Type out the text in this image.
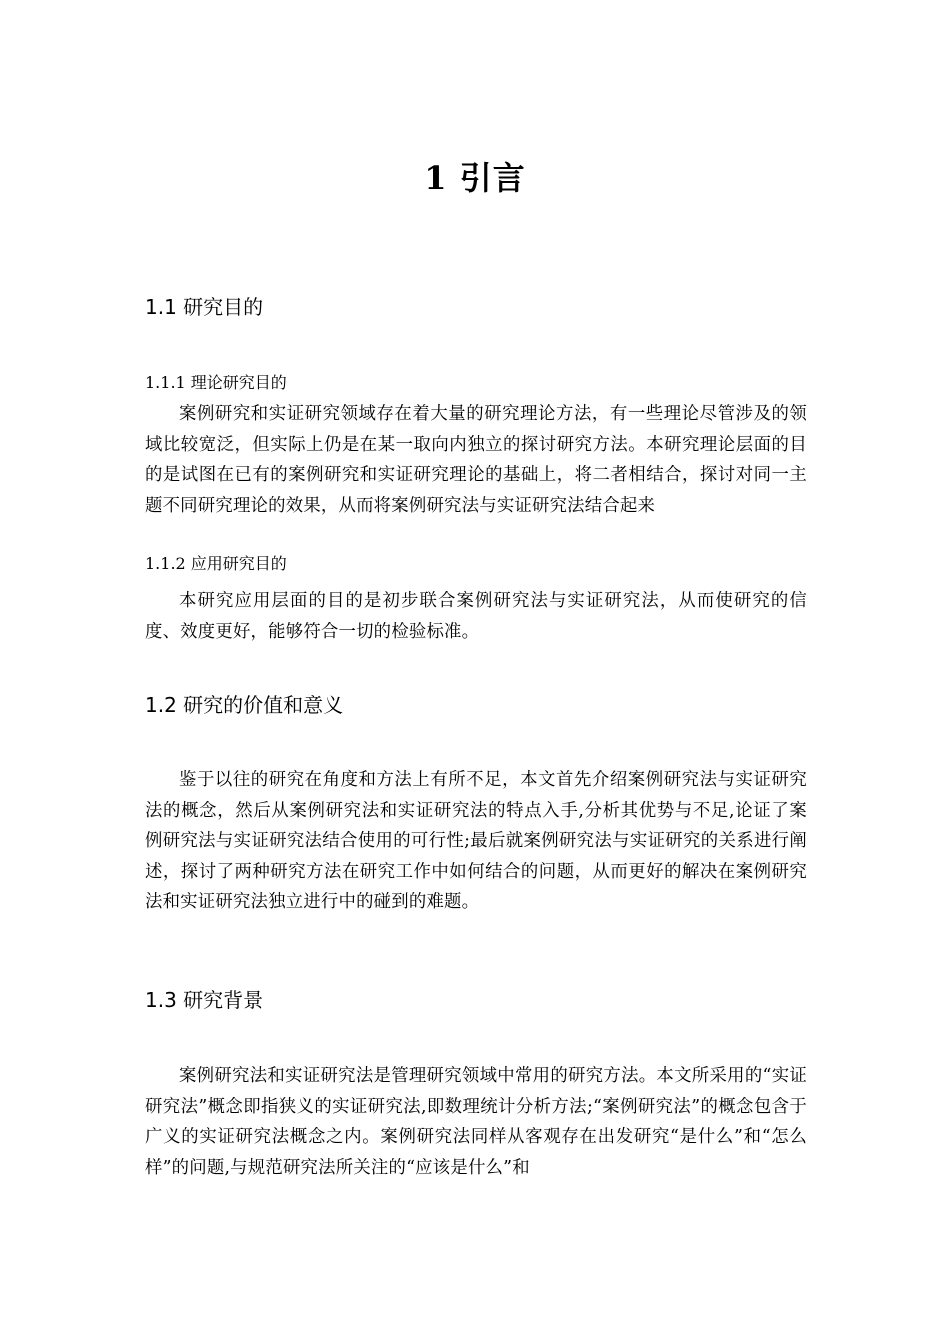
1 引言
1.1 研究目的
1.1.1 理论研究目的

案例研究和实证研究领域存在着大量的研究理论方法，有一些理论尽管涉及的领域比较宽泛，但实际上仍是在某一取向内独立的探讨研究方法。本研究理论层面的目的是试图在已有的案例研究和实证研究理论的基础上，将二者相结合，探讨对同一主题不同研究理论的效果，从而将案例研究法与实证研究法结合起来

1.1.2 应用研究目的

本研究应用层面的目的是初步联合案例研究法与实证研究法，从而使研究的信度、效度更好，能够符合一切的检验标准。

1.2 研究的价值和意义

鉴于以往的研究在角度和方法上有所不足，本文首先介绍案例研究法与实证研究法的概念，然后从案例研究法和实证研究法的特点入手,分析其优势与不足,论证了案例研究法与实证研究法结合使用的可行性;最后就案例研究法与实证研究的关系进行阐述，探讨了两种研究方法在研究工作中如何结合的问题，从而更好的解决在案例研究法和实证研究法独立进行中的碰到的难题。

1.3 研究背景

案例研究法和实证研究法是管理研究领域中常用的研究方法。本文所采用的“实证研究法”概念即指狭义的实证研究法,即数理统计分析方法;“案例研究法”的概念包含于广义的实证研究法概念之内。案例研究法同样从客观存在出发研究“是什么”和“怎么样”的问题,与规范研究法所关注的“应该是什么”和
